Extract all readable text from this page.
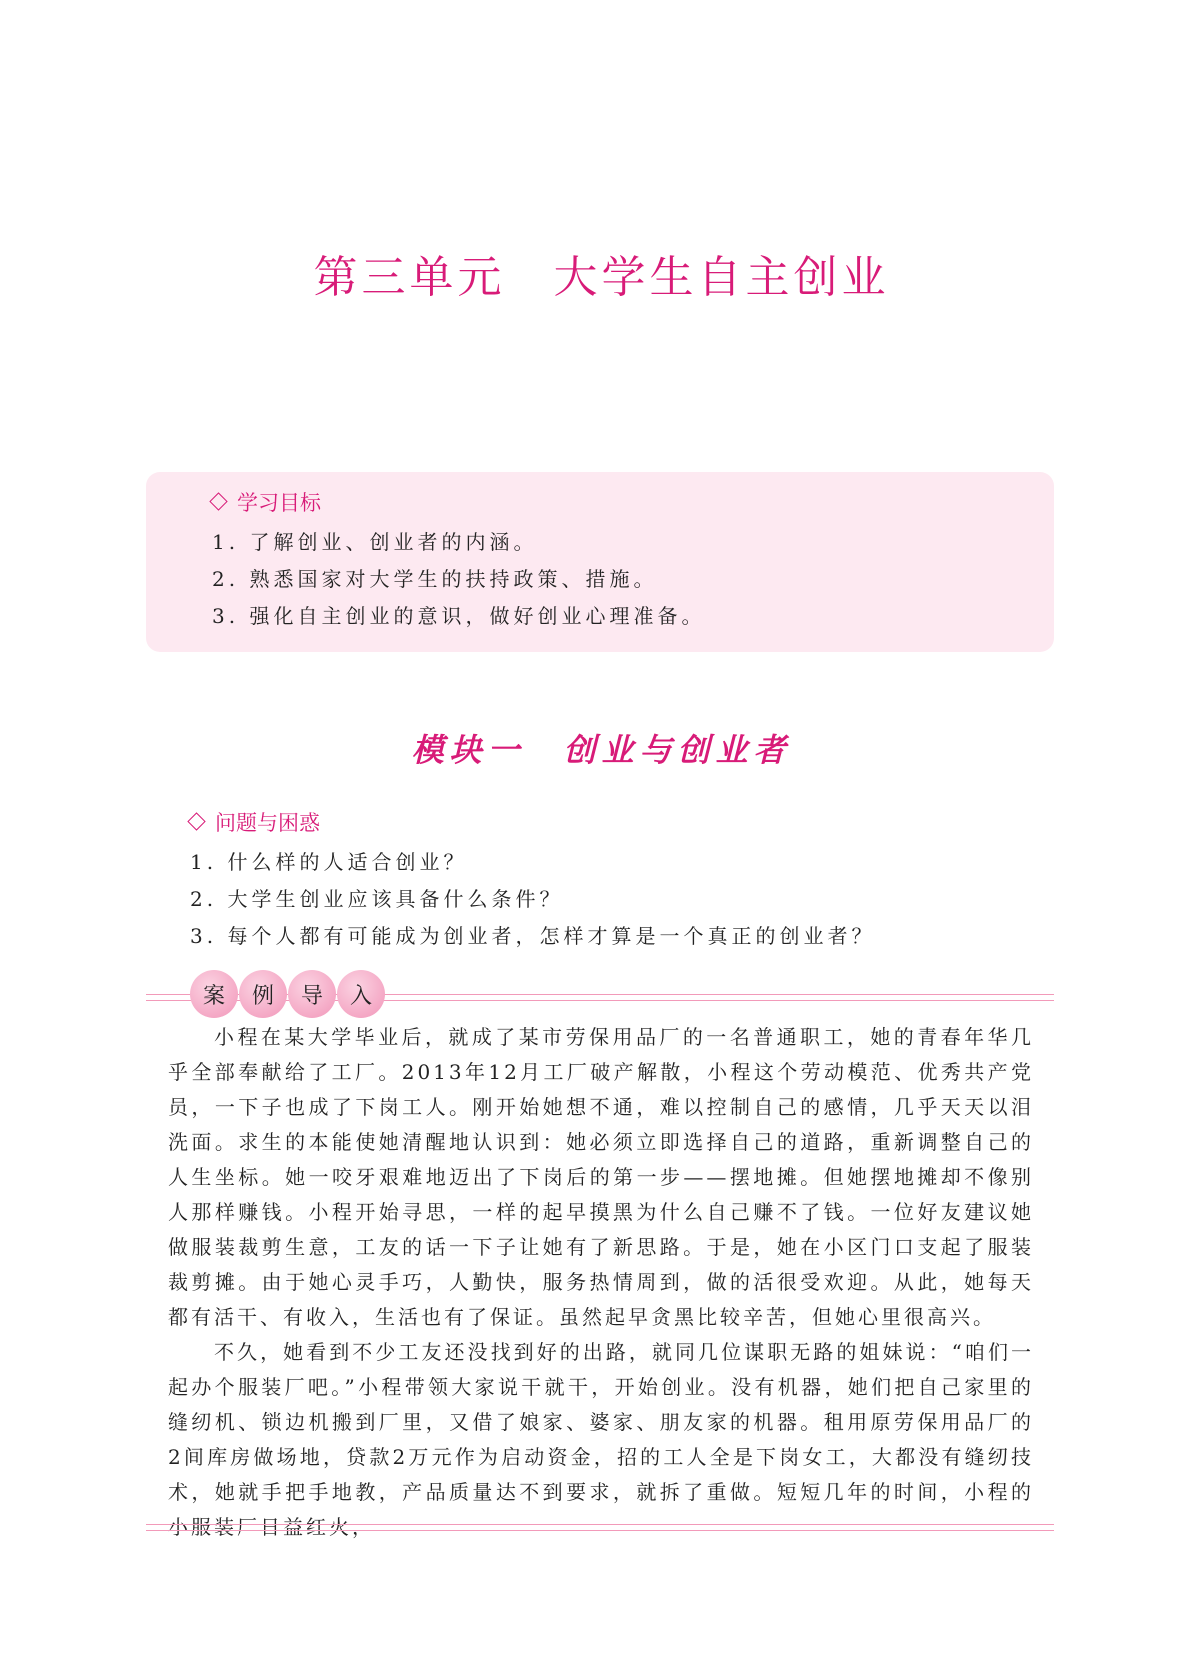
第三单元　大学生自主创业
学习目标
1. 了解创业、创业者的内涵。
2. 熟悉国家对大学生的扶持政策、措施。
3. 强化自主创业的意识，做好创业心理准备。
模块一　创业与创业者
问题与困惑
1. 什么样的人适合创业？
2. 大学生创业应该具备什么条件？
3. 每个人都有可能成为创业者，怎样才算是一个真正的创业者？
案	例	导	入

小程在某大学毕业后，就成了某市劳保用品厂的一名普通职工，她的青春年华几乎全部奉献给了工厂。2013年12月工厂破产解散，小程这个劳动模范、优秀共产党员，一下子也成了下岗工人。刚开始她想不通，难以控制自己的感情，几乎天天以泪洗面。求生的本能使她清醒地认识到：她必须立即选择自己的道路，重新调整自己的人生坐标。她一咬牙艰难地迈出了下岗后的第一步——摆地摊。但她摆地摊却不像别人那样赚钱。小程开始寻思，一样的起早摸黑为什么自己赚不了钱。一位好友建议她做服装裁剪生意，工友的话一下子让她有了新思路。于是，她在小区门口支起了服装裁剪摊。由于她心灵手巧，人勤快，服务热情周到，做的活很受欢迎。从此，她每天都有活干、有收入，生活也有了保证。虽然起早贪黑比较辛苦，但她心里很高兴。

不久，她看到不少工友还没找到好的出路，就同几位谋职无路的姐妹说：“咱们一起办个服装厂吧。”小程带领大家说干就干，开始创业。没有机器，她们把自己家里的缝纫机、锁边机搬到厂里，又借了娘家、婆家、朋友家的机器。租用原劳保用品厂的2间库房做场地，贷款2万元作为启动资金，招的工人全是下岗女工，大都没有缝纫技术，她就手把手地教，产品质量达不到要求，就拆了重做。短短几年的时间，小程的小服装厂日益红火，
